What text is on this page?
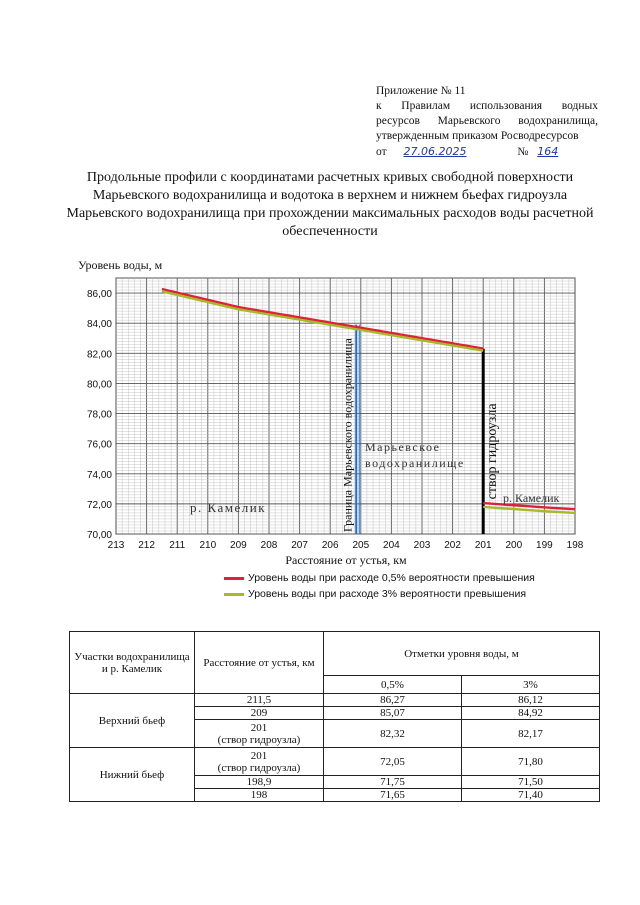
Приложение № 11
к Правилам использования водных
ресурсов Марьевского водохранилища,
утвержденным приказом Росводресурсов
от 27.06.2025	№ 164
Продольные профили с координатами расчетных кривых свободной поверхности Марьевского водохранилища и водотока в верхнем и нижнем бьефах гидроузла Марьевского водохранилища при прохождении максимальных расходов воды расчетной обеспеченности
213 212 211 210 209 208 207 206 205 204 203 202 201 200 199 198
70,00
72,00
74,00
76,00
78,00
80,00
82,00
84,00
86,00
Уровень воды, м
Расстояние от устья, км
Граница Марьевского водохранилища	створ гидроузла
Марьевское
водохранилище
р. Камелик
р. Камелик
Уровень воды при расходе 0,5% вероятности превышения
Уровень воды при расходе 3% вероятности превышения
Участки водохранилища и р. Камелик	Расстояние от устья, км	Отметки уровня воды, м	
		0,5%	3%
Верхний бьеф	211,5	86,27	86,12
	209	85,07	84,92
	201
(створ гидроузла)	82,32	82,17
Нижний бьеф	201
(створ гидроузла)	72,05	71,80
	198,9	71,75	71,50
	198	71,65	71,40
